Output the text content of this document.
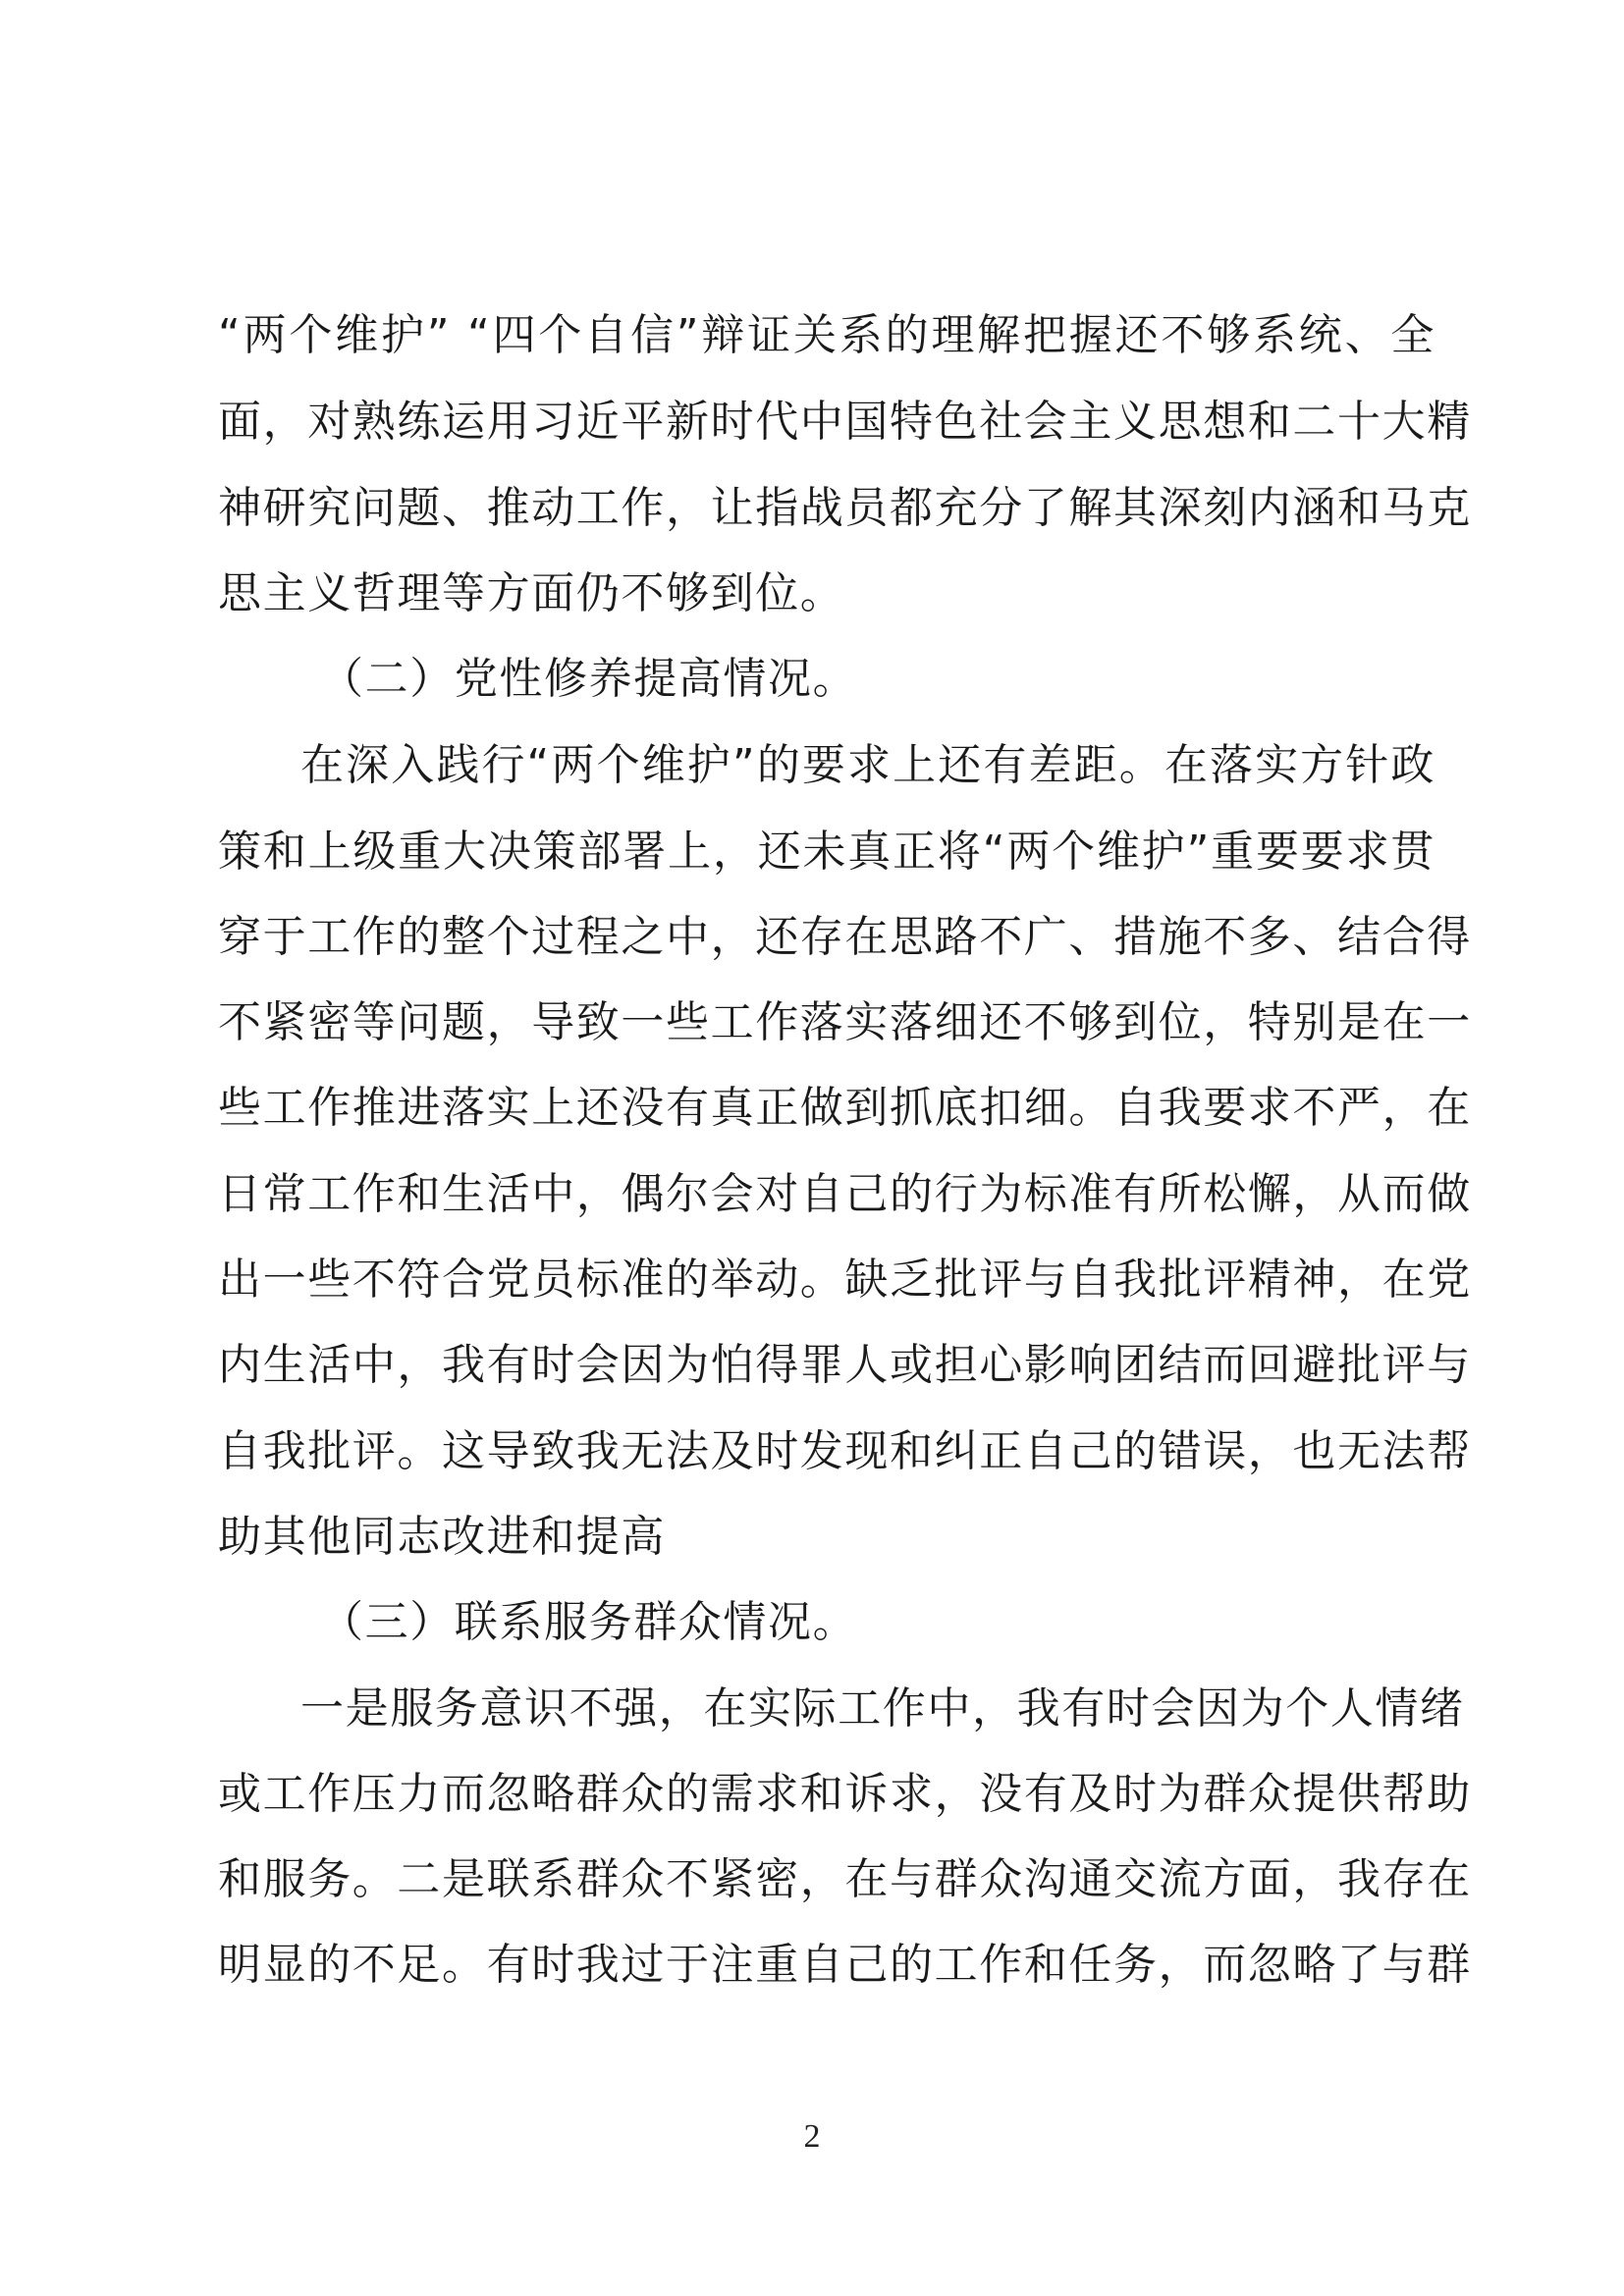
“两个维护” “四个自信”辩证关系的理解把握还不够系统、全
面，对熟练运用习近平新时代中国特色社会主义思想和二十大精
神研究问题、推动工作，让指战员都充分了解其深刻内涵和马克
思主义哲理等方面仍不够到位。
（二）党性修养提高情况。
在深入践行“两个维护”的要求上还有差距。在落实方针政
策和上级重大决策部署上，还未真正将“两个维护”重要要求贯
穿于工作的整个过程之中，还存在思路不广、措施不多、结合得
不紧密等问题，导致一些工作落实落细还不够到位，特别是在一
些工作推进落实上还没有真正做到抓底扣细。自我要求不严，在
日常工作和生活中，偶尔会对自己的行为标准有所松懈，从而做
出一些不符合党员标准的举动。缺乏批评与自我批评精神，在党
内生活中，我有时会因为怕得罪人或担心影响团结而回避批评与
自我批评。这导致我无法及时发现和纠正自己的错误，也无法帮
助其他同志改进和提高
（三）联系服务群众情况。
一是服务意识不强，在实际工作中，我有时会因为个人情绪
或工作压力而忽略群众的需求和诉求，没有及时为群众提供帮助
和服务。二是联系群众不紧密，在与群众沟通交流方面，我存在
明显的不足。有时我过于注重自己的工作和任务，而忽略了与群
2
